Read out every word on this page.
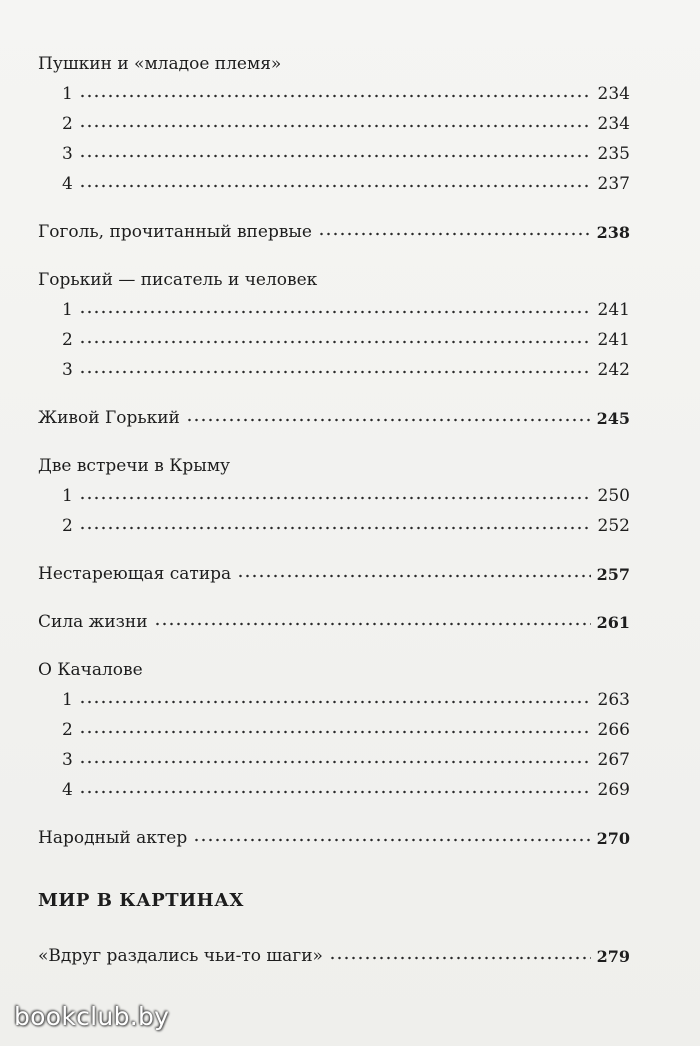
Пушкин и «младое племя»
1	234
2	234
3	235
4	237
Гоголь, прочитанный впервые	238
Горький — писатель и человек
1	241
2	241
3	242
Живой Горький	245
Две встречи в Крыму
1	250
2	252
Нестареющая сатира	257
Сила жизни	261
О Качалове
1	263
2	266
3	267
4	269
Народный актер	270
«Вдруг раздались чьи-то шаги»	279
МИР В КАРТИНАХ
bookclub.by
